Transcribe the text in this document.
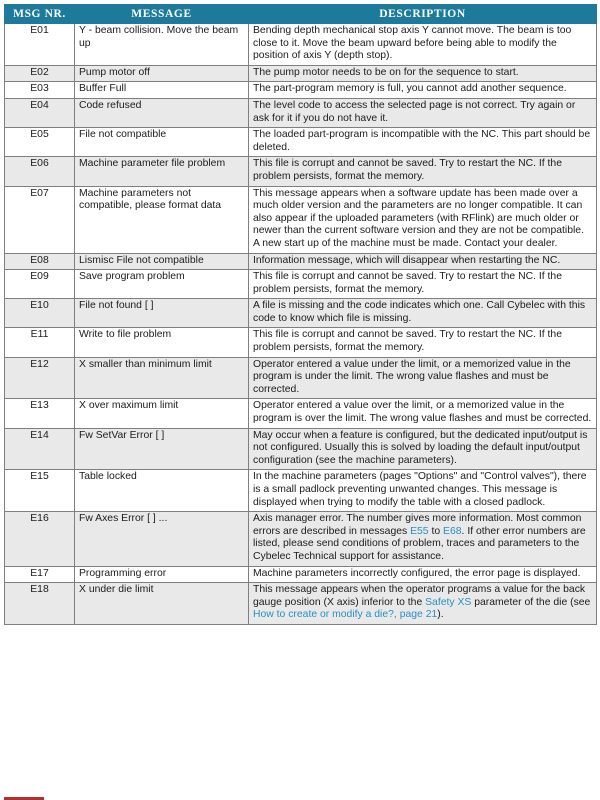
MSG NR.	MESSAGE	DESCRIPTION
E01	Y - beam collision. Move the beam up	Bending depth mechanical stop axis Y cannot move. The beam is too close to it. Move the beam upward before being able to modify the position of axis Y (depth stop).
E02	Pump motor off	The pump motor needs to be on for the sequence to start.
E03	Buffer Full	The part-program memory is full, you cannot add another sequence.
E04	Code refused	The level code to access the selected page is not correct. Try again or ask for it if you do not have it.
E05	File not compatible	The loaded part-program is incompatible with the NC. This part should be deleted.
E06	Machine parameter file problem	This file is corrupt and cannot be saved. Try to restart the NC. If the problem persists, format the memory.
E07	Machine parameters not compatible, please format data	This message appears when a software update has been made over a much older version and the parameters are no longer compatible. It can also appear if the uploaded parameters (with RFlink) are much older or newer than the current software version and they are not be compatible. A new start up of the machine must be made. Contact your dealer.
E08	Lismisc File not compatible	Information message, which will disappear when restarting the NC.
E09	Save program problem	This file is corrupt and cannot be saved. Try to restart the NC. If the problem persists, format the memory.
E10	File not found [ ]	A file is missing and the code indicates which one. Call Cybelec with this code to know which file is missing.
E11	Write to file problem	This file is corrupt and cannot be saved. Try to restart the NC. If the problem persists, format the memory.
E12	X smaller than minimum limit	Operator entered a value under the limit, or a memorized value in the program is under the limit. The wrong value flashes and must be corrected.
E13	X over maximum limit	Operator entered a value over the limit, or a memorized value in the program is over the limit. The wrong value flashes and must be corrected.
E14	Fw SetVar Error [ ]	May occur when a feature is configured, but the dedicated input/output is not configured. Usually this is solved by loading the default input/output configuration (see the machine parameters).
E15	Table locked	In the machine parameters (pages "Options" and "Control valves"), there is a small padlock preventing unwanted changes. This message is displayed when trying to modify the table with a closed padlock.
E16	Fw Axes Error [ ] ...	Axis manager error. The number gives more information. Most common errors are described in messages E55 to E68. If other error numbers are listed, please send conditions of problem, traces and parameters to the Cybelec Technical support for assistance.
E17	Programming error	Machine parameters incorrectly configured, the error page is displayed.
E18	X under die limit	This message appears when the operator programs a value for the back gauge position (X axis) inferior to the Safety XS parameter of the die (see How to create or modify a die?, page 21).
